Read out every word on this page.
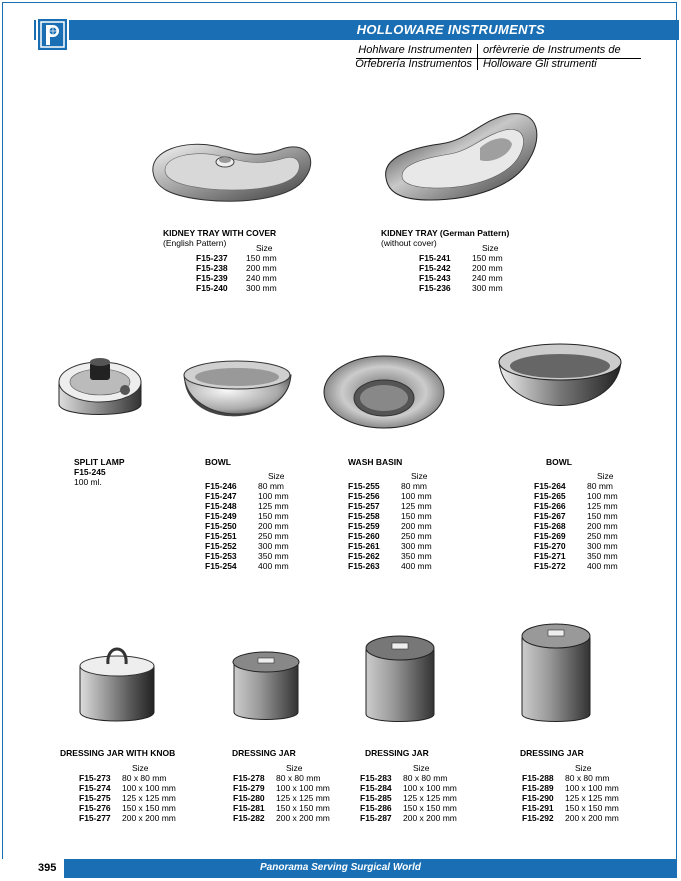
HOLLOWARE INSTRUMENTS
Hohlware Instrumenten orfèvrerie de Instruments de
Orfebrería Instrumentos Holloware Gli strumenti
KIDNEY TRAY WITH COVER
(English Pattern)	Size
F15-237 150 mm
F15-238 200 mm
F15-239 240 mm
F15-240 300 mm
KIDNEY TRAY (German Pattern)
(without cover)	Size
F15-241	150 mm
F15-242	200 mm
F15-243	240 mm
F15-236	300 mm
SPLIT LAMP
F15-245
100 ml.
BOWL
Size
F15-246	80 mm
F15-247	100 mm
F15-248	125 mm
F15-249	150 mm
F15-250	200 mm
F15-251	250 mm
F15-252	300 mm
F15-253	350 mm
F15-254	400 mm
WASH BASIN
Size
F15-255	80 mm
F15-256	100 mm
F15-257	125 mm
F15-258	150 mm
F15-259	200 mm
F15-260	250 mm
F15-261	300 mm
F15-262	350 mm
F15-263	400 mm
BOWL
Size
F15-264	80 mm
F15-265	100 mm
F15-266	125 mm
F15-267	150 mm
F15-268	200 mm
F15-269	250 mm
F15-270	300 mm
F15-271	350 mm
F15-272	400 mm
DRESSING JAR WITH KNOB
Size
F15-273 80 x 80 mm
F15-274 100 x 100 mm
F15-275 125 x 125 mm
F15-276 150 x 150 mm
F15-277 200 x 200 mm
DRESSING JAR
Size
F15-278 80 x 80 mm
F15-279 100 x 100 mm
F15-280 125 x 125 mm
F15-281 150 x 150 mm
F15-282 200 x 200 mm
DRESSING JAR
Size
F15-283 80 x 80 mm
F15-284 100 x 100 mm
F15-285 125 x 125 mm
F15-286 150 x 150 mm
F15-287 200 x 200 mm
DRESSING JAR
Size
F15-288 80 x 80 mm
F15-289 100 x 100 mm
F15-290 125 x 125 mm
F15-291 150 x 150 mm
F15-292 200 x 200 mm
395	Panorama Serving Surgical World
